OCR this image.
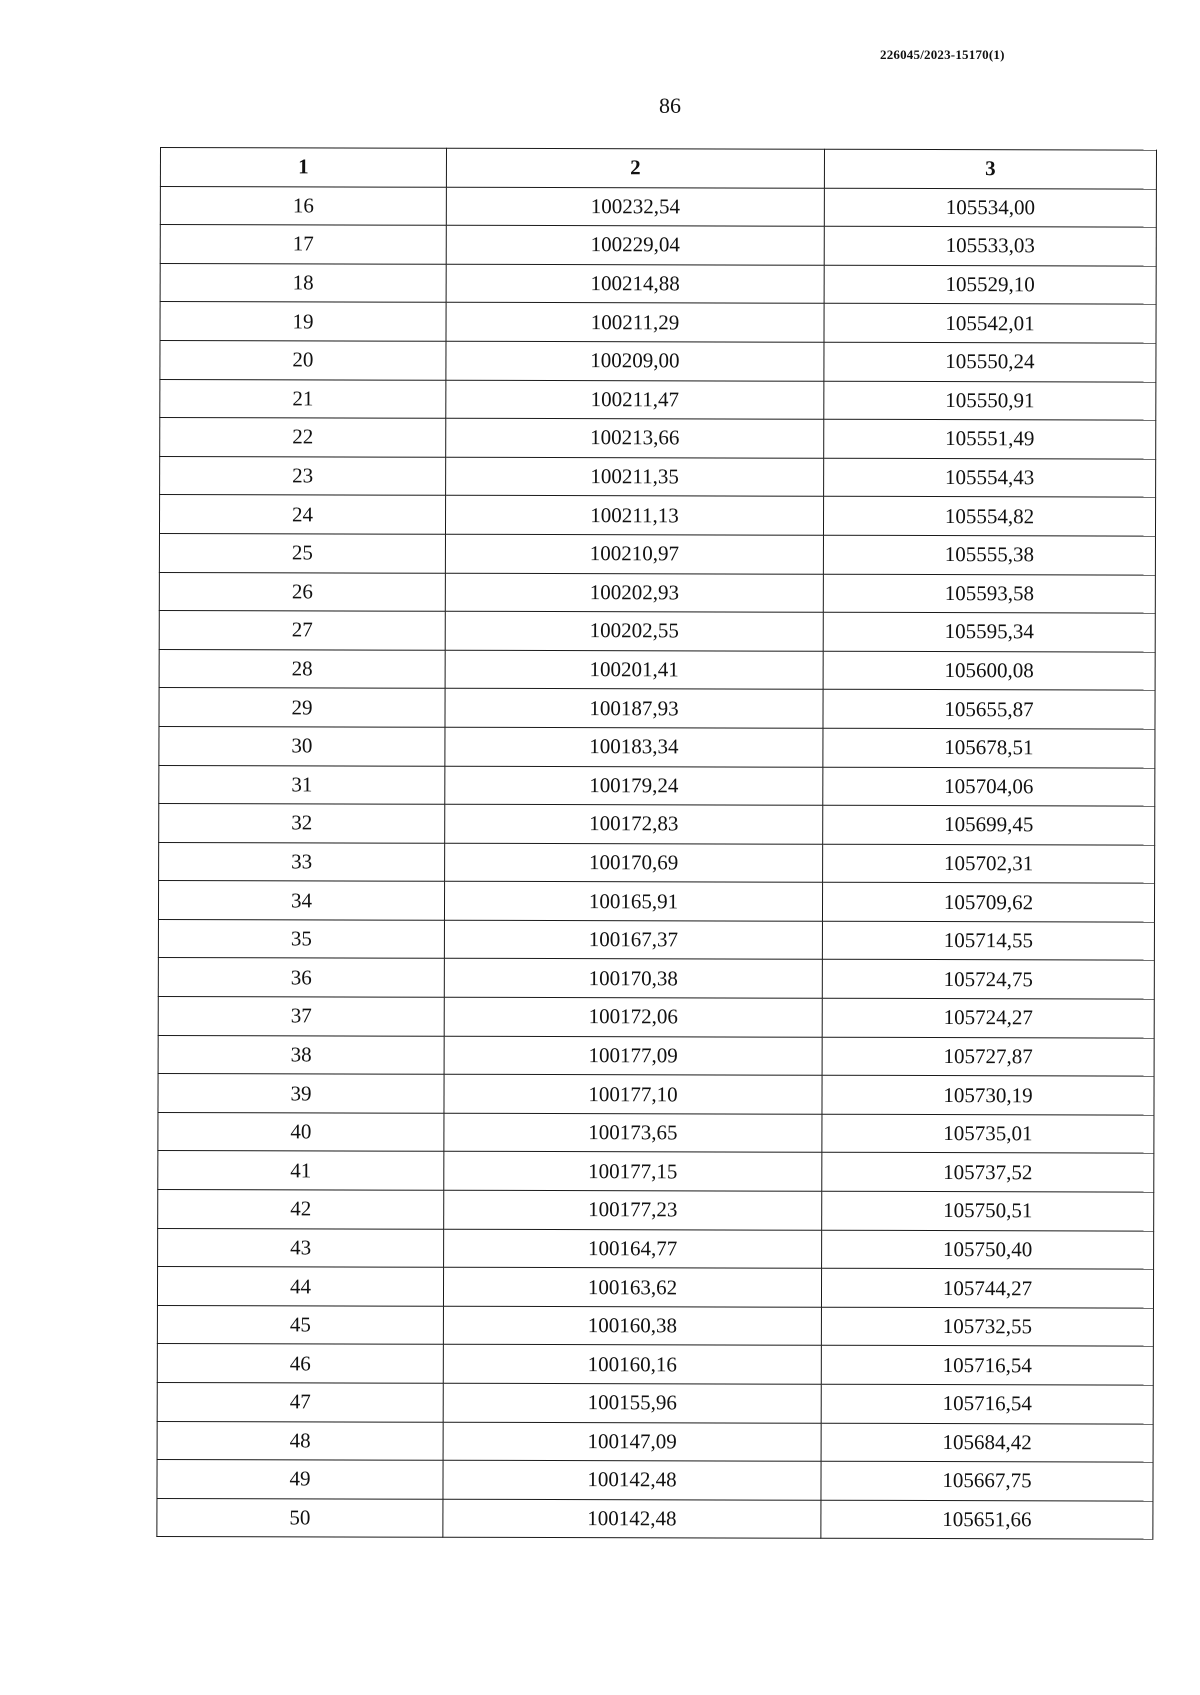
226045/2023-15170(1)
86
1	2	3
16	100232,54	105534,00
17	100229,04	105533,03
18	100214,88	105529,10
19	100211,29	105542,01
20	100209,00	105550,24
21	100211,47	105550,91
22	100213,66	105551,49
23	100211,35	105554,43
24	100211,13	105554,82
25	100210,97	105555,38
26	100202,93	105593,58
27	100202,55	105595,34
28	100201,41	105600,08
29	100187,93	105655,87
30	100183,34	105678,51
31	100179,24	105704,06
32	100172,83	105699,45
33	100170,69	105702,31
34	100165,91	105709,62
35	100167,37	105714,55
36	100170,38	105724,75
37	100172,06	105724,27
38	100177,09	105727,87
39	100177,10	105730,19
40	100173,65	105735,01
41	100177,15	105737,52
42	100177,23	105750,51
43	100164,77	105750,40
44	100163,62	105744,27
45	100160,38	105732,55
46	100160,16	105716,54
47	100155,96	105716,54
48	100147,09	105684,42
49	100142,48	105667,75
50	100142,48	105651,66
